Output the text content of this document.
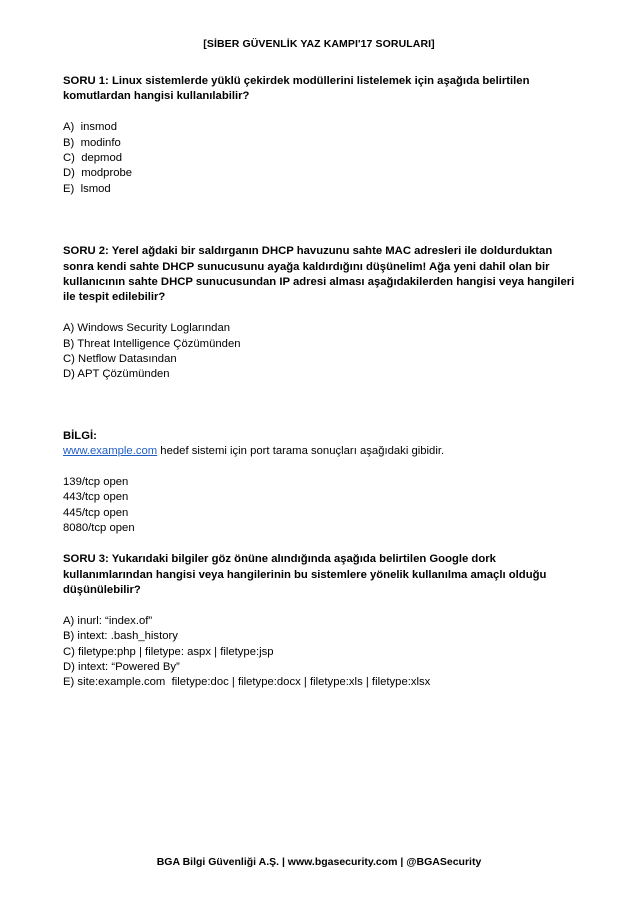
[SİBER GÜVENLİK YAZ KAMPI'17 SORULARI]

SORU 1: Linux sistemlerde yüklü çekirdek modüllerini listelemek için aşağıda belirtilen komutlardan hangisi kullanılabilir?

A)  insmod
B)  modinfo
C)  depmod
D)  modprobe
E)  lsmod

SORU 2: Yerel ağdaki bir saldırganın DHCP havuzunu sahte MAC adresleri ile doldurduktan sonra kendi sahte DHCP sunucusunu ayağa kaldırdığını düşünelim! Ağa yeni dahil olan bir kullanıcının sahte DHCP sunucusundan IP adresi alması aşağıdakilerden hangisi veya hangileri ile tespit edilebilir?

A) Windows Security Loglarından
B) Threat Intelligence Çözümünden
C) Netflow Datasından
D) APT Çözümünden

BİLGİ:

www.example.com hedef sistemi için port tarama sonuçları aşağıdaki gibidir.

139/tcp open
443/tcp open
445/tcp open
8080/tcp open

SORU 3: Yukarıdaki bilgiler göz önüne alındığında aşağıda belirtilen Google dork kullanımlarından hangisi veya hangilerinin bu sistemlere yönelik kullanılma amaçlı olduğu düşünülebilir?

A) inurl: “index.of”
B) intext: .bash_history
C) filetype:php | filetype: aspx | filetype:jsp
D) intext: “Powered By”
E) site:example.com  filetype:doc | filetype:docx | filetype:xls | filetype:xlsx
BGA Bilgi Güvenliği A.Ş. | www.bgasecurity.com | @BGASecurity
